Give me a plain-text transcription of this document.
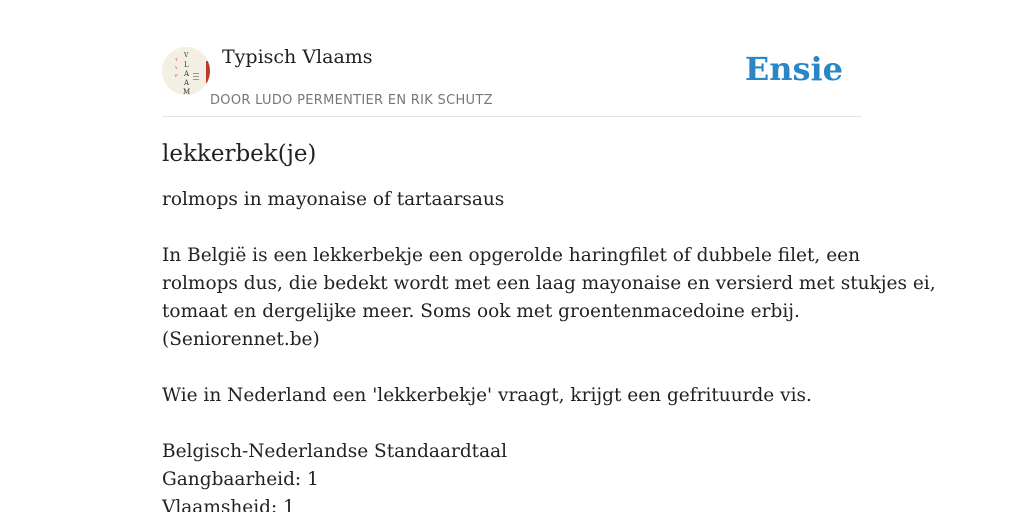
V
L
A
A
M
T
Y
P
Typisch Vlaams
DOOR LUDO PERMENTIER EN RIK SCHUTZ
Ensie
lekkerbek(je)

rolmops in mayonaise of tartaarsaus

In België is een lekkerbekje een opgerolde haringfilet of dubbele filet, een
rolmops dus, die bedekt wordt met een laag mayonaise en versierd met stukjes ei,
tomaat en dergelijke meer. Soms ook met groentenmacedoine erbij.
(Seniorennet.be)

Wie in Nederland een 'lekkerbekje' vraagt, krijgt een gefrituurde vis.

Belgisch-Nederlandse Standaardtaal
Gangbaarheid: 1
Vlaamsheid: 1
